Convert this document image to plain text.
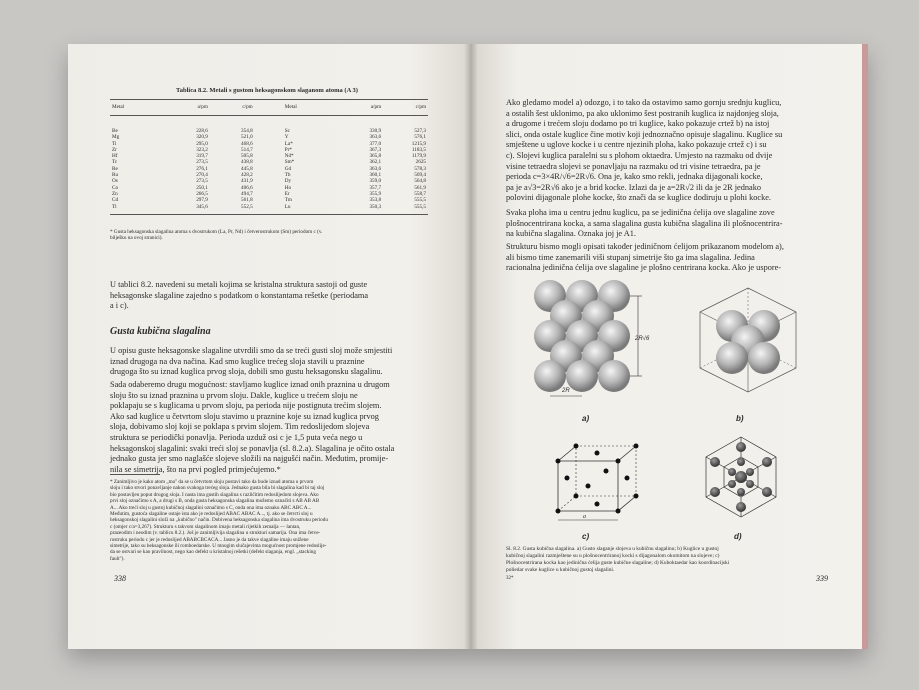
Tablica 8.2. Metali s gustom heksagonskom slaganom atoma (A 3)
Metal	a/pm	c/pm	Metal	a/pm	c/pm
Be	228,6	354,8	Sc	330,9	527,3
Mg	320,9	521,0	Y	363,6	576,1
Ti	295,0	468,6	La*	377,0	1215,9
Zr	323,2	514,7	Pr*	367,3	1183,5
Hf	319,7	505,8	Nd*	365,8	1179,9
Tc	273,5	438,8	Sm*	362,1	2625
Re	276,1	445,8	Gd	363,6	578,3
Ru	270,4	428,2	Tb	360,1	569,4
Os	273,5	431,9	Dy	359,0	564,8
Co	250,1	406,6	Ho	357,7	561,9
Zn	266,5	494,7	Er	355,9	558,7
Cd	297,9	561,8	Tm	353,8	555,5
Tl	345,6	552,5	Lu	350,3	555,5
* Gusta heksagonska slagalina atoma s dvostrukom (La, Pr, Nd) i četverostrukom (Sm) periodom c (v.
bilješku na ovoj stranici).
U tablici 8.2. navedeni su metali kojima se kristalna struktura sastoji od guste
heksagonske slagaline zajedno s podatkom o konstantama rešetke (periodama
a i c).
Gusta kubična slagalina
U opisu guste heksagonske slagaline utvrdili smo da se treći gusti sloj može smjestiti
iznad drugoga na dva načina. Kad smo kuglice trećeg sloja stavili u praznine
drugoga što su iznad kuglica prvog sloja, dobili smo gustu heksagonsku slagalinu.
Sada odaberemo drugu mogućnost: stavljamo kuglice iznad onih praznina u drugom
sloju što su iznad praznina u prvom sloju. Dakle, kuglice u trećem sloju ne
poklapaju se s kuglicama u prvom sloju, pa perioda nije postignuta trećim slojem.
Ako sad kuglice u četvrtom sloju stavimo u praznine koje su iznad kuglica prvog
sloja, dobivamo sloj koji se poklapa s prvim slojem. Tim redoslijedom slojeva
struktura se periodički ponavlja. Perioda uzduž osi c je 1,5 puta veća nego u
heksagonskoj slagalini: svaki treći sloj se ponavlja (sl. 8.2.a). Slagalina je očito ostala
jednako gusta jer smo naglašće slojeve složili na najgušći način. Međutim, promije-
nila se simetrija, što na prvi pogled primjećujemo.*
* Zanimljivo je kako atom „ma" da se u četvrtom sloju postavi tako da bude iznad atoma u prvom
sloju i tako stvori ponavljanje nakon svakoga trećeg sloja. Jednako gusta bila bi slagalina kad bi taj sloj
bio postavljen poput drugog sloja. I nasta ima gustih slagalina s različitim redoslijedom slojeva. Ako
prvi sloj označimo s A, a drugi s B, onda gusta heksagonska slagalina možemo označiti s AB AB AB
A... Ako treći sloj u gustoj kubičnoj slagalini označimo s C, onda ona ima oznaku ABC ABC A...
Međutim, gustoća slagaline ostaje ista ako je redoslijed ABAC ABAC A..., tj. ako se četvrti sloj u
heksagonskoj slagalini složi na „kubično" način. Dobivena heksagonska slagalina ima dvostruku periodu
c (omjer c/a=3,267). Strukturu s takvom slagalinom imaju metali rijetkih zemalja — lantan,
prazeodim i neodim (v. tablicu 8.2.). Još je zanimljivija slagalina u strukturi samarija. Ona ima četve-
rostruku periodu c jer je redoslijed ABABCBCACA... Jasno je da takve slagaline imaju snižene
simetrije, tako su heksagonske ili romboedarske. U mnogim slučajevima mogućnost promjene redoslije-
da se ostvari se kao pravilnost, nego kao defekt u kristalnoj rešetki (defekt slaganja, engl. „stacking
fault").
338
Ako gledamo model a) odozgo, i to tako da ostavimo samo gornju srednju kuglicu,
a ostalih šest uklonimo, pa ako uklonimo šest postranih kuglica iz najdonjeg sloja,
a drugome i trećem sloju dodamo po tri kuglice, kako pokazuje crtež b) na istoj
slici, onda ostale kuglice čine motiv koji jednoznačno opisuje slagalinu. Kuglice su
smještene u uglove kocke i u centre njezinih ploha, kako pokazuje crtež c) i su
c). Slojevi kuglica paralelni su s plohom oktaedra. Umjesto na razmaku od dvije
visine tetraedra slojevi se ponavljaju na razmaku od tri visine tetraedra, pa je
perioda c=3×4R/√6=2R√6. Ona je, kako smo rekli, jednaka dijagonali kocke,
pa je a√3=2R√6 ako je a brid kocke. Izlazi da je a=2R√2 ili da je 2R jednako
polovini dijagonale plohe kocke, što znači da se kuglice dodiruju u plohi kocke.
Svaka ploha ima u centru jednu kuglicu, pa se jedinična ćelija ove slagaline zove
plošnocentrirana kocka, a sama slagalina gusta kubična slagalina ili plošnocentrira-
na kubična slagalina. Oznaka joj je A1.
Strukturu bismo mogli opisati također jediničnom ćelijom prikazanom modelom a),
ali bismo time zanemarili viši stupanj simetrije što ga ima slagalina. Jedina
racionalna jedinična ćelija ove slagaline je plošno centrirana kocka. Ako je uspore-
2R√6
2R
a)	b)
a
c)	d)
Sl. 8.2. Gusta kubična slagalina. a) Gusto slaganje slojeva u kubičnu slagalinu; b) Kuglice u gustoj
kubičnoj slagalini razmještene su u plošnocentriranoj kocki s dijagonalom okomitom na slojeve; c)
Plošnocentrirana kocka kao jedinična ćelija guste kubične slagaline; d) Kuboktaedar kao koordinacijski
poliedar svake kuglice u kubičnoj gustoj slagalini.
32*	339
